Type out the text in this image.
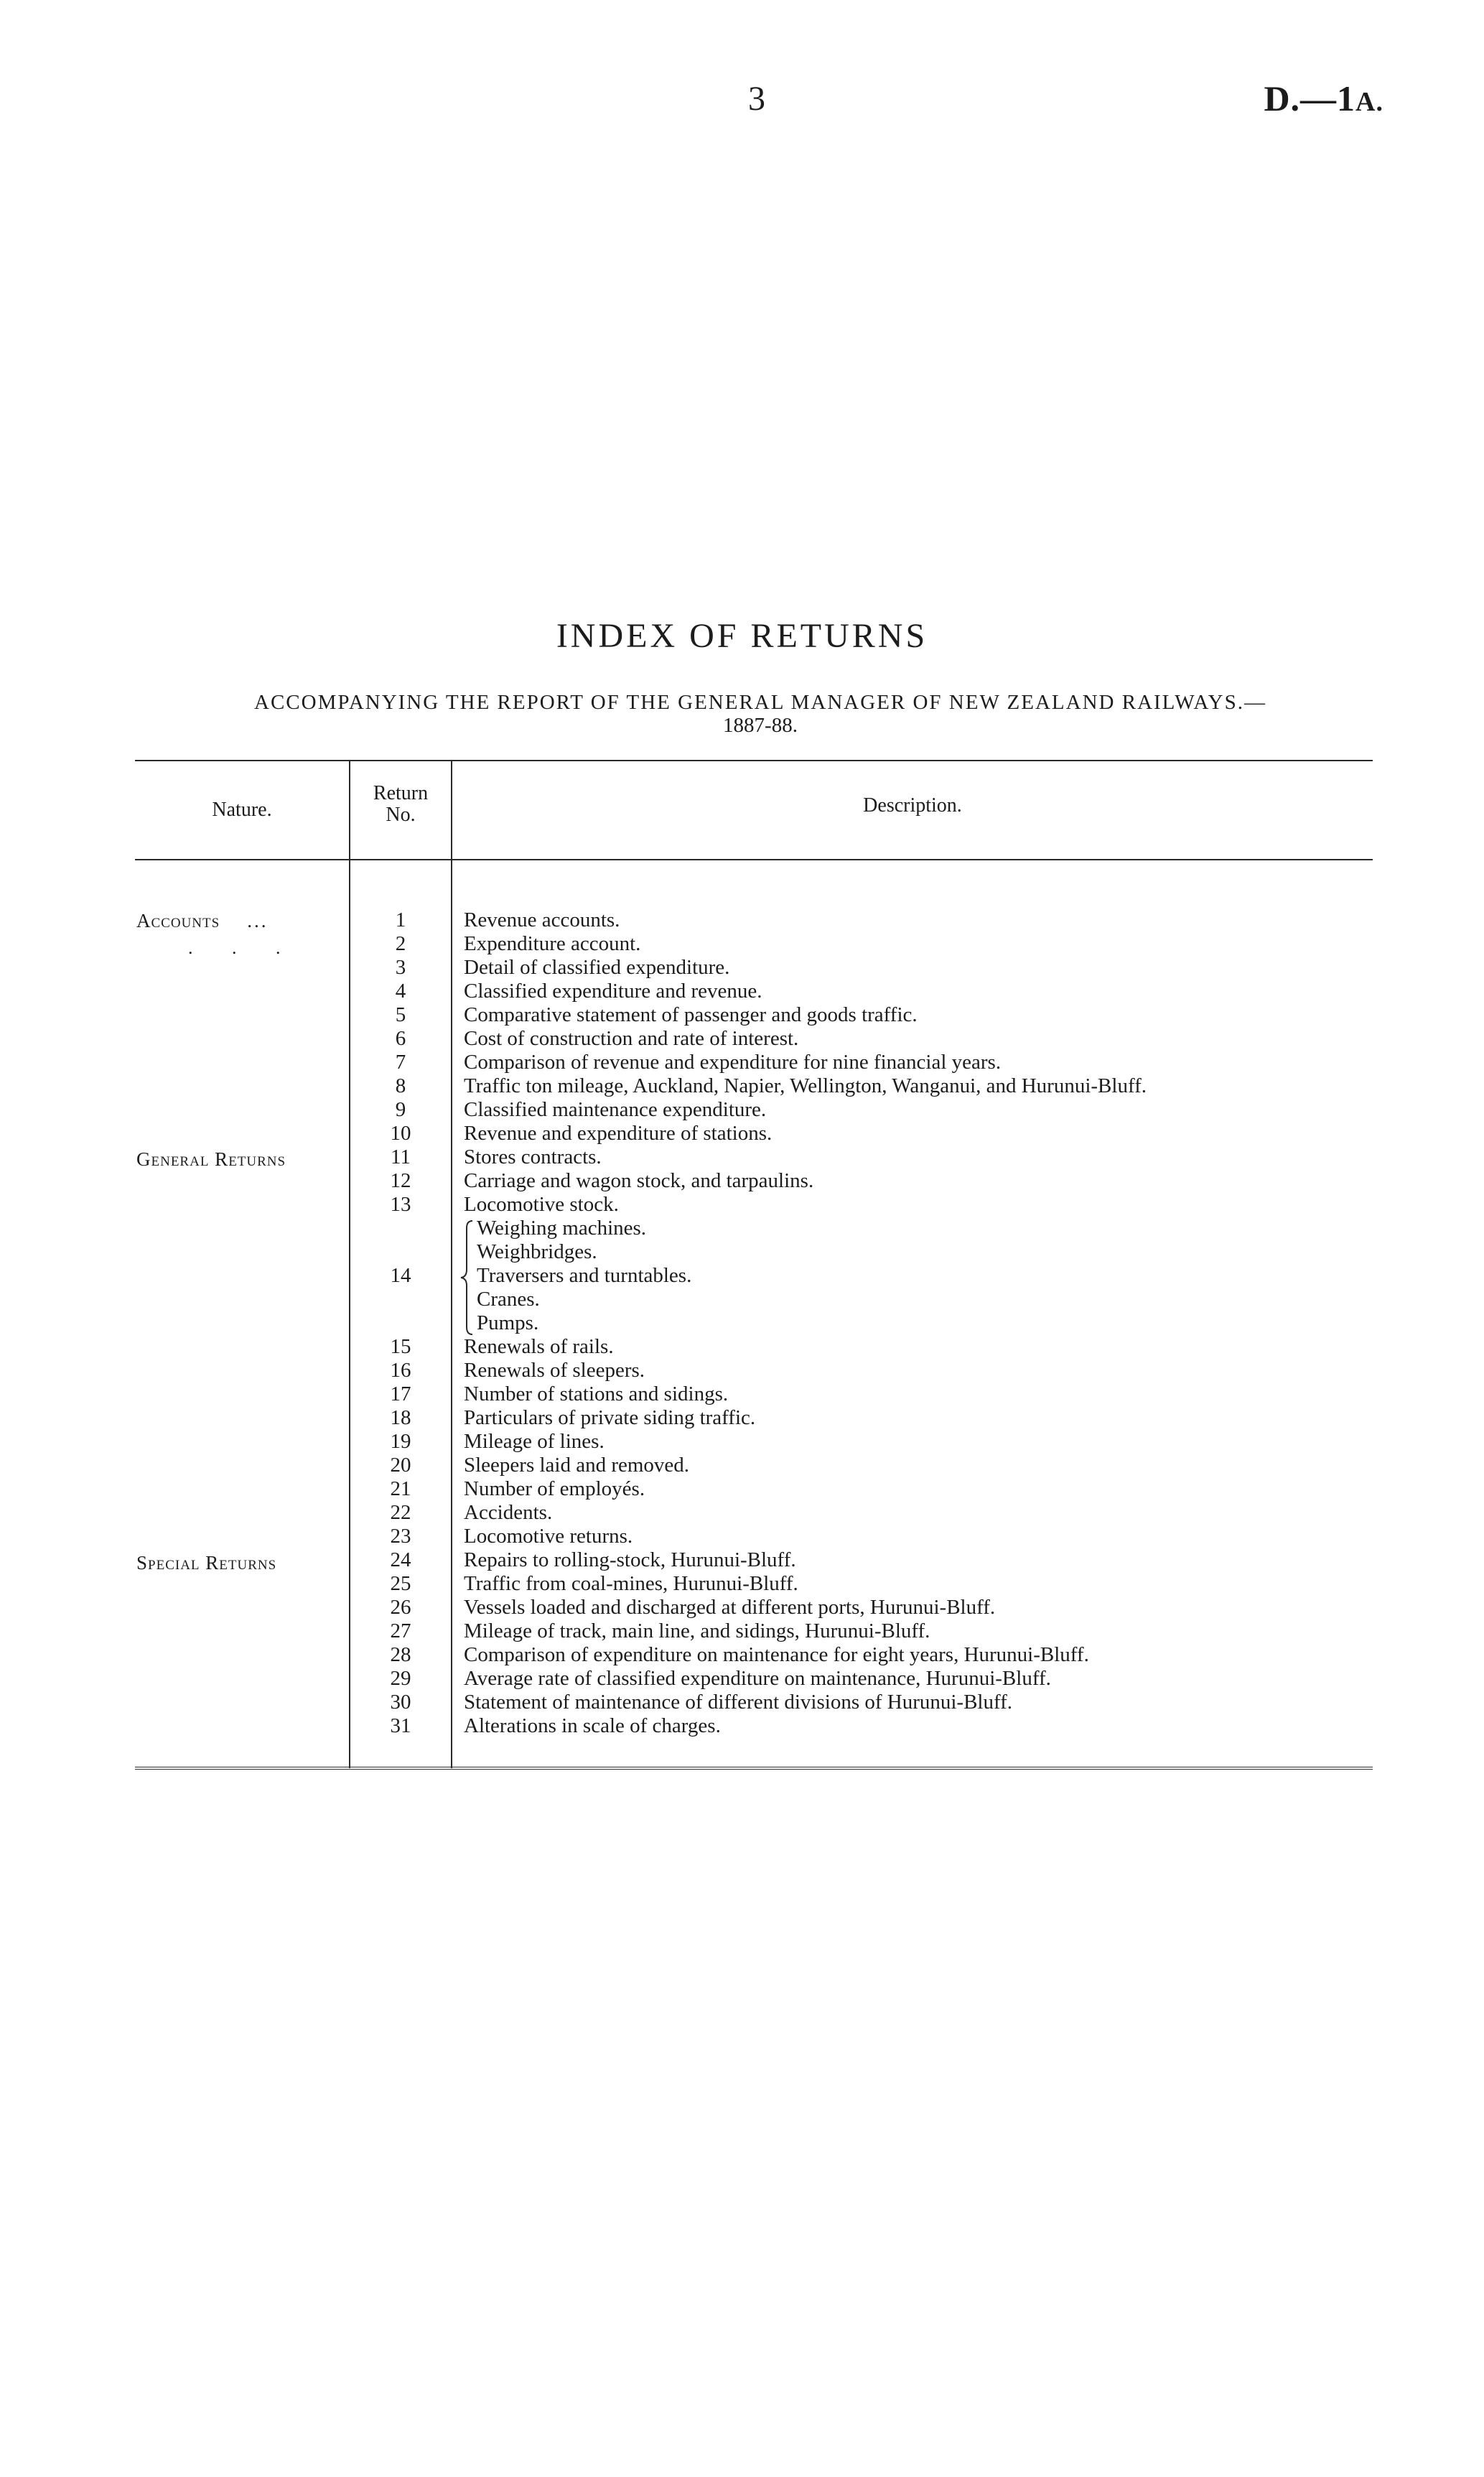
3	D.—1A.
INDEX OF RETURNS
ACCOMPANYING THE REPORT OF THE GENERAL MANAGER OF NEW ZEALAND RAILWAYS.—
1887-88.
Nature.
Return
No.	Description.
Accounts ...
. . .
General Returns
Special Returns
1
2
3
4
5
6
7
8
9
10
11
12
13
14
15
16
17
18
19
20
21
22
23
24
25
26
27
28
29
30
31
Revenue accounts.
Expenditure account.
Detail of classified expenditure.
Classified expenditure and revenue.
Comparative statement of passenger and goods traffic.
Cost of construction and rate of interest.
Comparison of revenue and expenditure for nine financial years.
Traffic ton mileage, Auckland, Napier, Wellington, Wanganui, and Hurunui-Bluff.
Classified maintenance expenditure.
Revenue and expenditure of stations.
Stores contracts.
Carriage and wagon stock, and tarpaulins.
Locomotive stock.
Weighing machines.
Weighbridges.
Traversers and turntables.
Cranes.
Pumps.
Renewals of rails.
Renewals of sleepers.
Number of stations and sidings.
Particulars of private siding traffic.
Mileage of lines.
Sleepers laid and removed.
Number of employés.
Accidents.
Locomotive returns.
Repairs to rolling-stock, Hurunui-Bluff.
Traffic from coal-mines, Hurunui-Bluff.
Vessels loaded and discharged at different ports, Hurunui-Bluff.
Mileage of track, main line, and sidings, Hurunui-Bluff.
Comparison of expenditure on maintenance for eight years, Hurunui-Bluff.
Average rate of classified expenditure on maintenance, Hurunui-Bluff.
Statement of maintenance of different divisions of Hurunui-Bluff.
Alterations in scale of charges.
